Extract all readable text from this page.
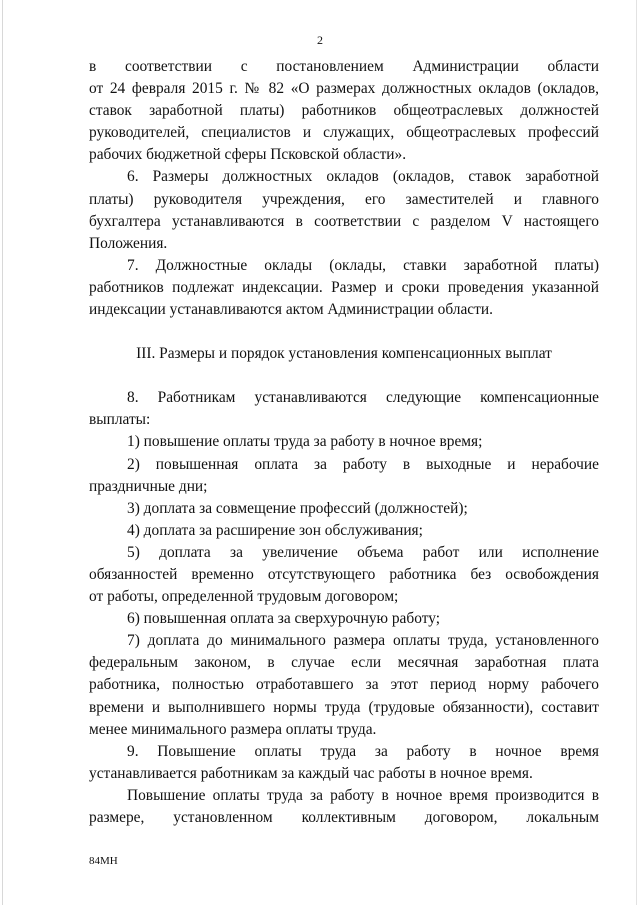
2
в соответствии с постановлением Администрации области
от 24 февраля 2015 г. № 82 «О размерах должностных окладов (окладов,
ставок заработной платы) работников общеотраслевых должностей
руководителей, специалистов и служащих, общеотраслевых профессий
рабочих бюджетной сферы Псковской области».
6. Размеры должностных окладов (окладов, ставок заработной
платы) руководителя учреждения, его заместителей и главного
бухгалтера устанавливаются в соответствии с разделом V настоящего
Положения.
7. Должностные оклады (оклады, ставки заработной платы)
работников подлежат индексации. Размер и сроки проведения указанной
индексации устанавливаются актом Администрации области.

III. Размеры и порядок установления компенсационных выплат

8. Работникам устанавливаются следующие компенсационные
выплаты:
1) повышение оплаты труда за работу в ночное время;
2) повышенная оплата за работу в выходные и нерабочие
праздничные дни;
3) доплата за совмещение профессий (должностей);
4) доплата за расширение зон обслуживания;
5) доплата за увеличение объема работ или исполнение
обязанностей временно отсутствующего работника без освобождения
от работы, определенной трудовым договором;
6) повышенная оплата за сверхурочную работу;
7) доплата до минимального размера оплаты труда, установленного
федеральным законом, в случае если месячная заработная плата
работника, полностью отработавшего за этот период норму рабочего
времени и выполнившего нормы труда (трудовые обязанности), составит
менее минимального размера оплаты труда.
9. Повышение оплаты труда за работу в ночное время
устанавливается работникам за каждый час работы в ночное время.
Повышение оплаты труда за работу в ночное время производится в
размере, установленном коллективным договором, локальным
84МН
